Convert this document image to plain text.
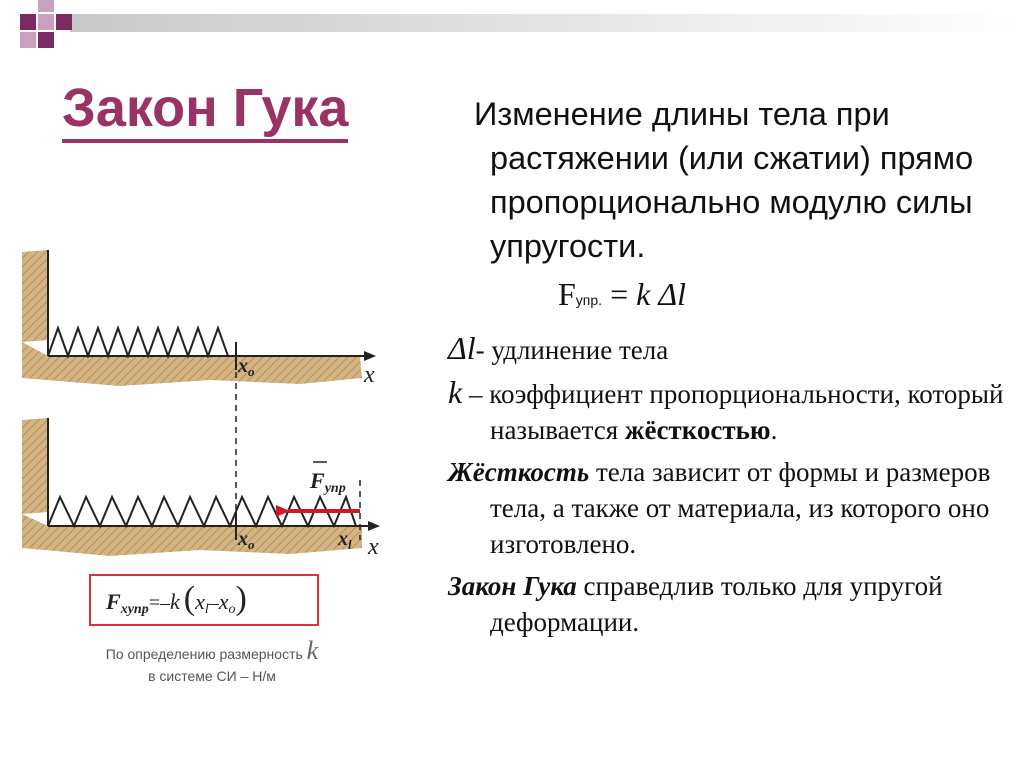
Закон Гука	Изменение длины тела при растяжении (или сжатии) прямо пропорционально модулю силы упругости.
Fупр. = k Δl

Δl- удлинение тела

k – коэффициент пропорциональности, который называется жёсткостью.

Жёсткость тела зависит от формы и размеров тела, а также от материала, из которого оно изготовлено.

Закон Гука справедлив только для упругой деформации.

$x_o$	x
$x_o$	$x_l$ x
Fупр
Fхупр=–k (xl–xo)
По определению размерность k
в системе СИ – Н/м
